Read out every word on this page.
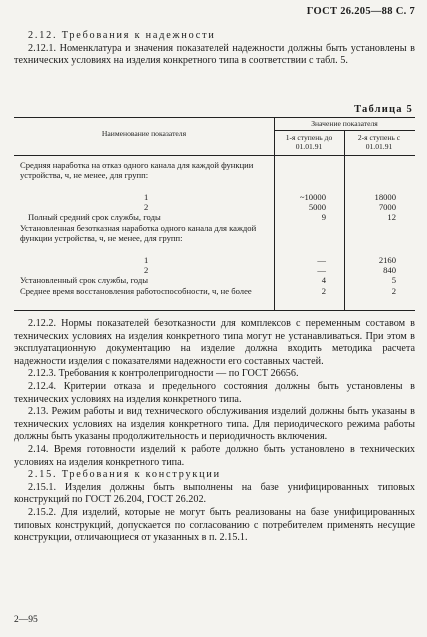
ГОСТ 26.205—88 С. 7

2.12. Требования к надежности

2.12.1. Номенклатура и значения показателей надежности должны быть установлены в технических условиях на изделия конкретного типа в соответствии с табл. 5.

Таблица 5
Наименование показателя
Значение показателя
1-я ступень до 01.01.91
2-я ступень с 01.01.91
Средняя наработка на отказ одного канала для каждой функции устройства, ч, не менее, для групп:
1	~10000	18000
2	5000	7000
Полный средний срок службы, годы	9	12
Установленная безотказная наработка одного канала для каждой функции устройства, ч, не менее, для групп:
1	—	2160
2	—	840
Установленный срок службы, годы	4	5
Среднее время восстановления работоспособности, ч, не более	2	2

2.12.2. Нормы показателей безотказности для комплексов с переменным составом в технических условиях на изделия конкретного типа могут не устанавливаться. При этом в эксплуатационную документацию на изделие должна входить методика расчета надежности изделия с показателями надежности его составных частей.

2.12.3. Требования к контролепригодности — по ГОСТ 26656.

2.12.4. Критерии отказа и предельного состояния должны быть установлены в технических условиях на изделия конкретного типа.

2.13. Режим работы и вид технического обслуживания изделий должны быть указаны в технических условиях на изделия конкретного типа. Для периодического режима работы должны быть указаны продолжительность и периодичность включения.

2.14. Время готовности изделий к работе должно быть установлено в технических условиях на изделия конкретного типа.

2.15. Требования к конструкции

2.15.1. Изделия должны быть выполнены на базе унифицированных типовых конструкций по ГОСТ 26.204, ГОСТ 26.202.

2.15.2. Для изделий, которые не могут быть реализованы на базе унифицированных типовых конструкций, допускается по согласованию с потребителем применять несущие конструкции, отличающиеся от указанных в п. 2.15.1.

2—95
